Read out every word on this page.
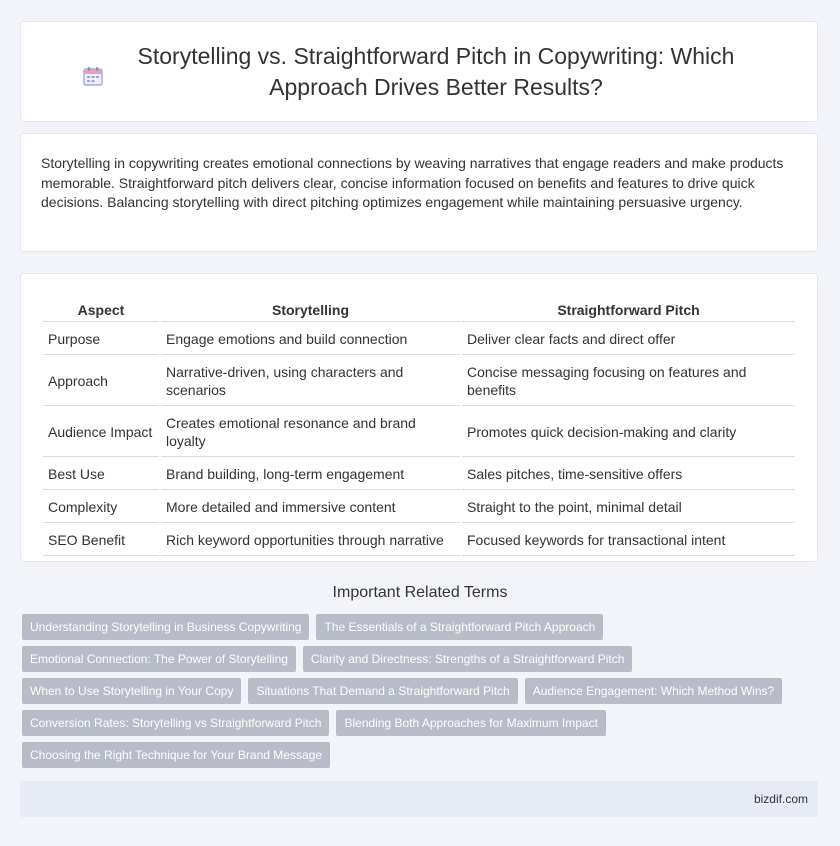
Storytelling vs. Straightforward Pitch in Copywriting: Which Approach Drives Better Results?

Storytelling in copywriting creates emotional connections by weaving narratives that engage readers and make products memorable. Straightforward pitch delivers clear, concise information focused on benefits and features to drive quick decisions. Balancing storytelling with direct pitching optimizes engagement while maintaining persuasive urgency.

Aspect	Storytelling	Straightforward Pitch
Purpose	Engage emotions and build connection	Deliver clear facts and direct offer
Approach	Narrative-driven, using characters and scenarios	Concise messaging focusing on features and benefits
Audience Impact	Creates emotional resonance and brand loyalty	Promotes quick decision-making and clarity
Best Use	Brand building, long-term engagement	Sales pitches, time-sensitive offers
Complexity	More detailed and immersive content	Straight to the point, minimal detail
SEO Benefit	Rich keyword opportunities through narrative	Focused keywords for transactional intent
Important Related Terms
Understanding Storytelling in Business Copywriting	The Essentials of a Straightforward Pitch Approach
Emotional Connection: The Power of Storytelling	Clarity and Directness: Strengths of a Straightforward Pitch
When to Use Storytelling in Your Copy	Situations That Demand a Straightforward Pitch	Audience Engagement: Which Method Wins?
Conversion Rates: Storytelling vs Straightforward Pitch	Blending Both Approaches for Maximum Impact
Choosing the Right Technique for Your Brand Message
bizdif.com
